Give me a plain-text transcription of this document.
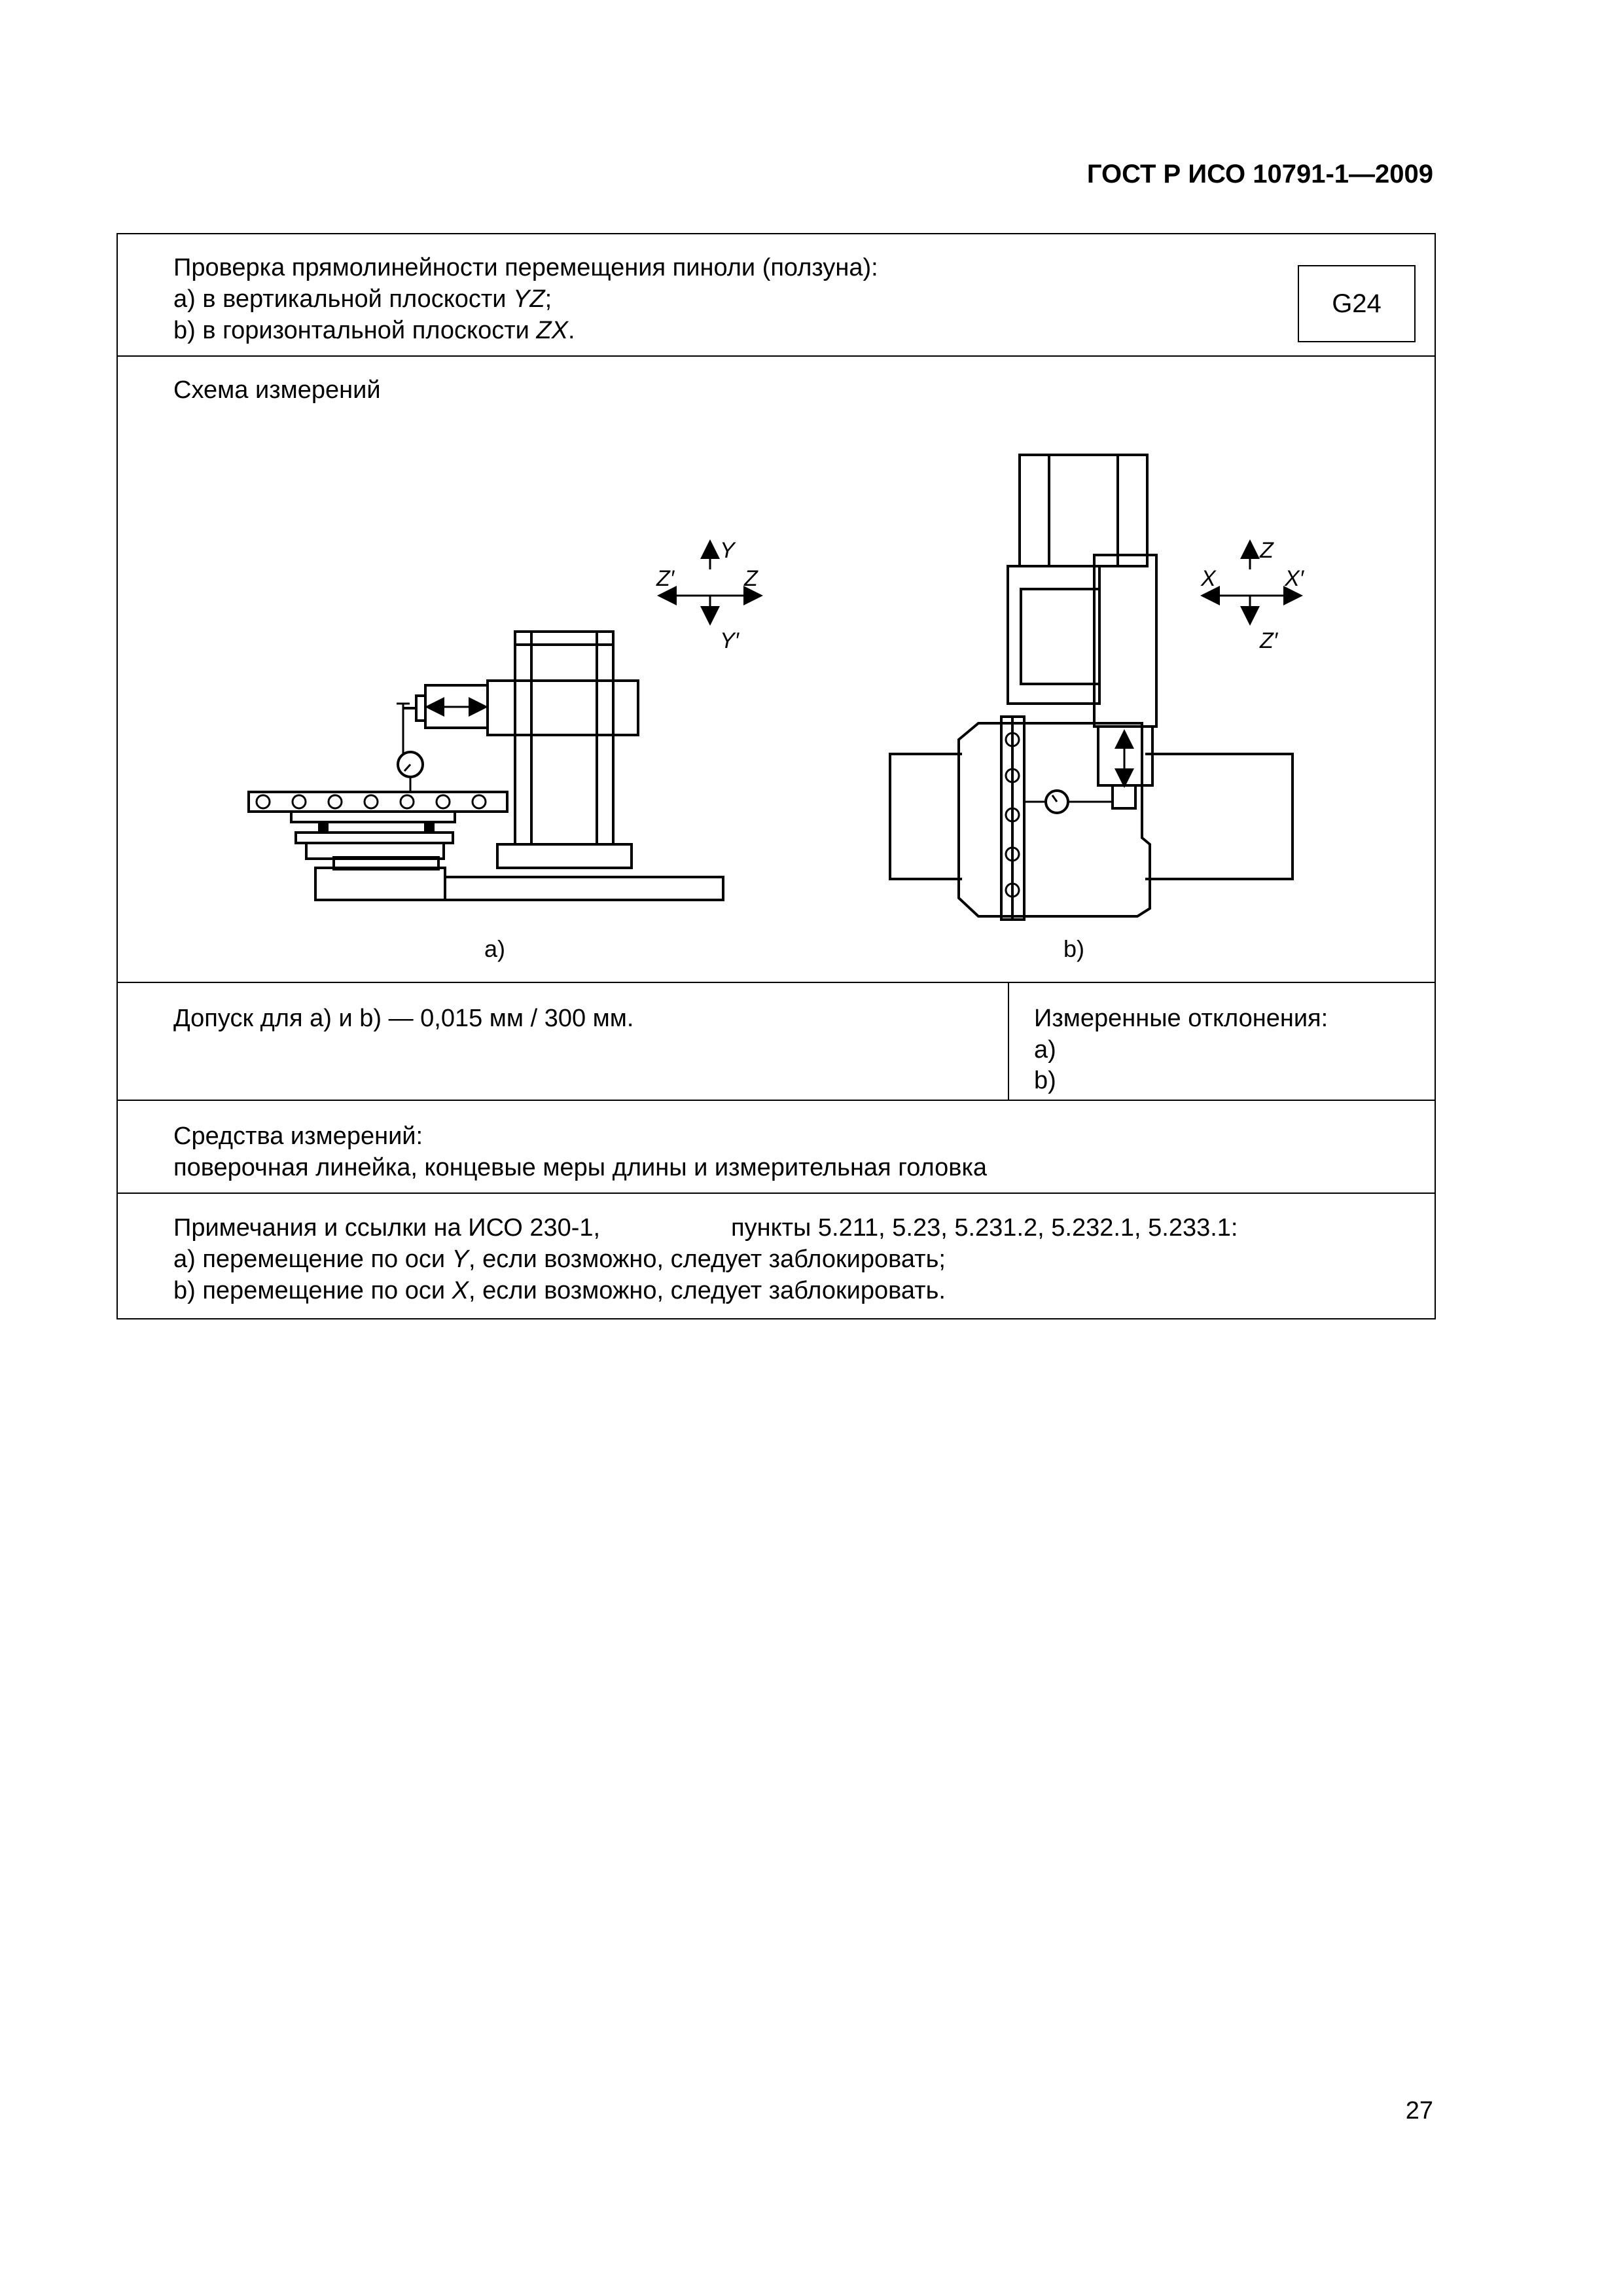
ГОСТ Р ИСО 10791-1—2009
Проверка прямолинейности перемещения пиноли (ползуна):
a) в вертикальной плоскости YZ;
b) в горизонтальной плоскости ZX.
G24
Схема измерений
Y
Y′
Z′	Z
Z
Z′
X	X′
a)	b)
Допуск для a) и b) — 0,015 мм / 300 мм.	Измеренные отклонения:
a)
b)
Средства измерений:
поверочная линейка, концевые меры длины и измерительная головка
Примечания и ссылки на ИСО 230-1,	пункты 5.211, 5.23, 5.231.2, 5.232.1, 5.233.1:
a) перемещение по оси Y, если возможно, следует заблокировать;
b) перемещение по оси X, если возможно, следует заблокировать.
27
